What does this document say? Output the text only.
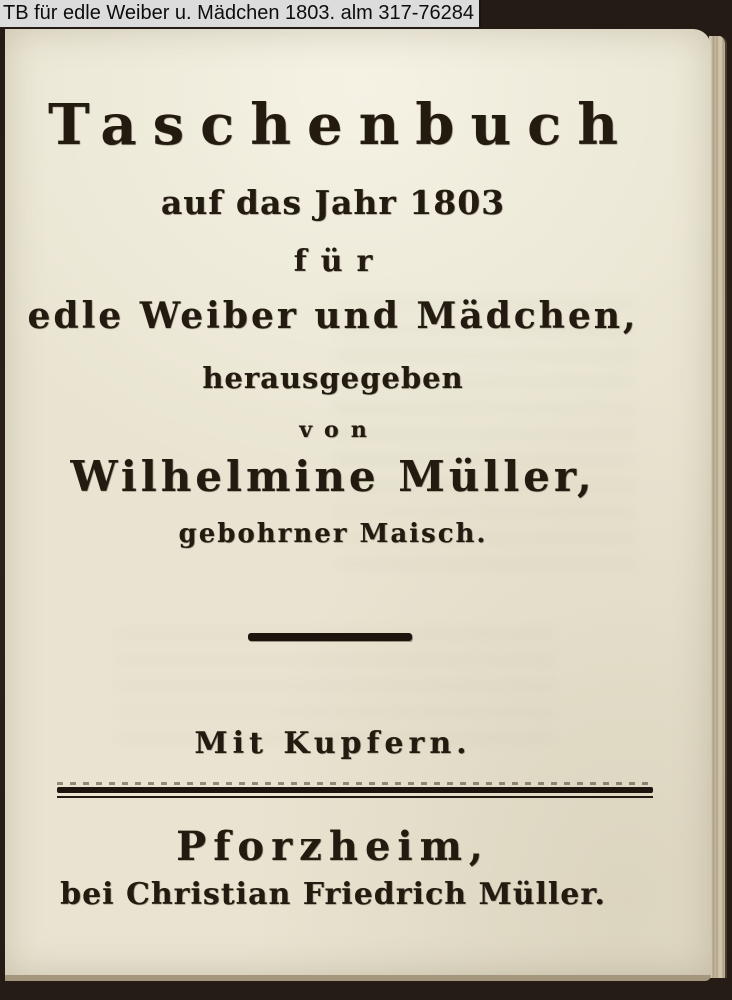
Taschenbuch
auf das Jahr 1803
für
edle Weiber und Mädchen,
herausgegeben
von
Wilhelmine Müller,
gebohrner Maisch.
Mit Kupfern.
Pforzheim,
bei Christian Friedrich Müller.
TB für edle Weiber u. Mädchen 1803. alm 317-76284
